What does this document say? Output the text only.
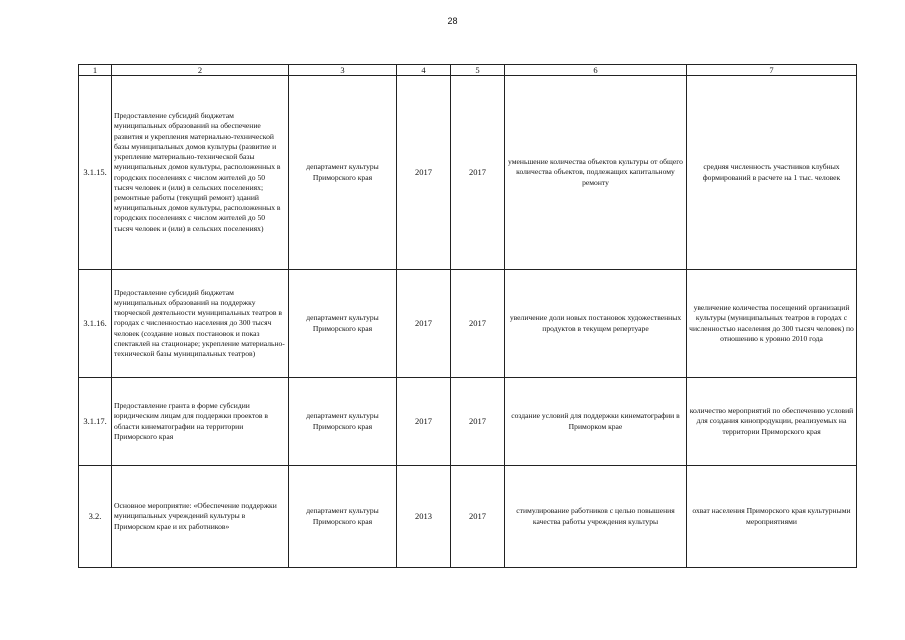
28
1	2	3	4	5	6	7
3.1.15.	Предоставление субсидий бюджетам муниципальных образований на обеспечение развития и укрепления материально-технической базы муниципальных домов культуры (развитие и укрепление материально-технической базы муниципальных домов культуры, расположенных в городских поселениях с числом жителей до 50 тысяч человек и (или) в сельских поселениях; ремонтные работы (текущий ремонт) зданий муниципальных домов культуры, расположенных в городских поселениях с числом жителей до 50 тысяч человек и (или) в сельских поселениях)	департамент культуры Приморского края	2017	2017	уменьшение количества объектов культуры от общего количества объектов, подлежащих капитальному ремонту	средняя численность участников клубных формирований в расчете на 1 тыс. человек
3.1.16.	Предоставление субсидий бюджетам муниципальных образований на поддержку творческой деятельности муниципальных театров в городах с численностью населения до 300 тысяч человек (создание новых постановок и показ спектаклей на стационаре; укрепление материально-технической базы муниципальных театров)	департамент культуры Приморского края	2017	2017	увеличение доли новых постановок художественных продуктов в текущем репертуаре	увеличение количества посещений организаций культуры (муниципальных театров в городах с численностью населения до 300 тысяч человек) по отношению к уровню 2010 года
3.1.17.	Предоставление гранта в форме субсидии юридическим лицам для поддержки проектов в области кинематографии на территории Приморского края	департамент культуры Приморского края	2017	2017	создание условий для поддержки кинематографии в Приморком крае	количество мероприятий по обеспечению условий для создания кинопродукции, реализуемых на территории Приморского края
3.2.	Основное мероприятие: «Обеспечение поддержки муниципальных учреждений культуры в Приморском крае и их работников»	департамент культуры Приморского края	2013	2017	стимулирование работников с целью повышения качества работы учреждения культуры	охват населения Приморского края культурными мероприятиями
